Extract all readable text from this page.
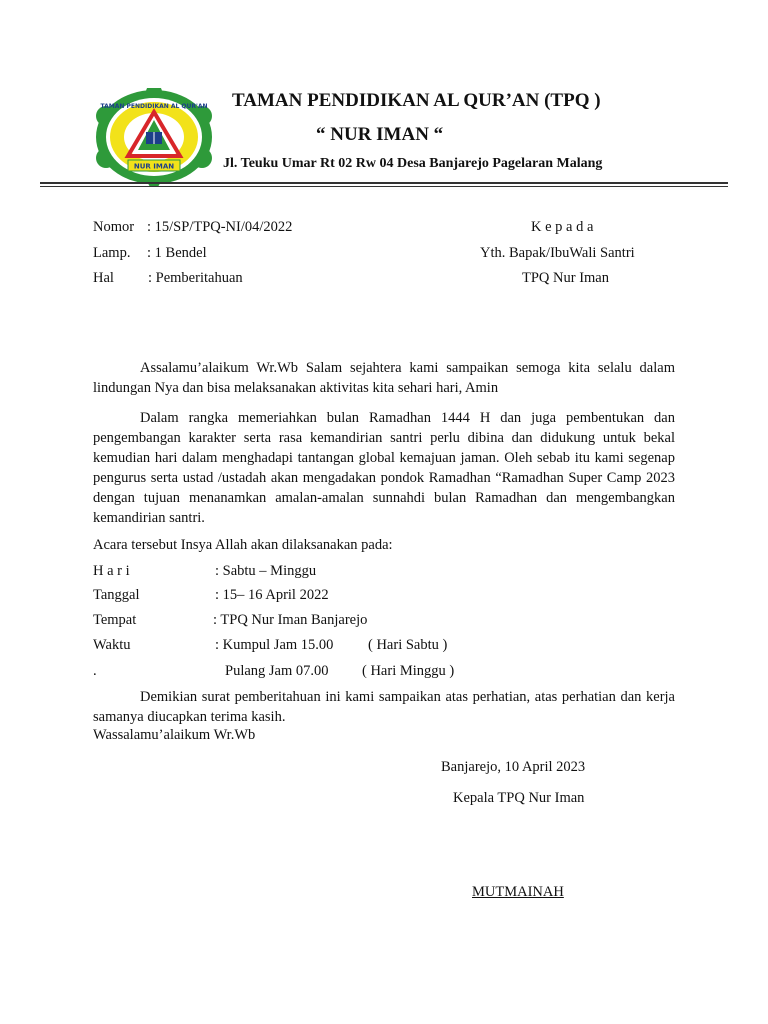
TAMAN PENDIDIKAN AL QUR'AN
NUR IMAN
TAMAN PENDIDIKAN AL QUR’AN (TPQ )
“ NUR IMAN “
Jl. Teuku Umar Rt 02 Rw 04 Desa Banjarejo Pagelaran Malang
Nomor : 15/SP/TPQ-NI/04/2022
Lamp. : 1 Bendel
Hal : Pemberitahuan
K e p a d a
Yth. Bapak/IbuWali Santri
TPQ Nur Iman
Assalamu’alaikum Wr.Wb Salam sejahtera kami sampaikan semoga kita selalu dalam lindungan Nya dan bisa melaksanakan aktivitas kita sehari hari, Amin
Dalam rangka memeriahkan bulan Ramadhan 1444 H dan juga pembentukan dan pengembangan karakter serta rasa kemandirian santri perlu dibina dan didukung untuk bekal kemudian hari dalam menghadapi tantangan global kemajuan jaman. Oleh sebab itu kami segenap pengurus serta ustad /ustadah akan mengadakan pondok Ramadhan “Ramadhan Super Camp 2023 dengan tujuan menanamkan amalan-amalan sunnahdi bulan Ramadhan dan mengembangkan kemandirian santri.
Acara tersebut Insya Allah akan dilaksanakan pada:
H a r i	: Sabtu – Minggu
Tanggal	: 15– 16 April 2022
Tempat	: TPQ Nur Iman Banjarejo
Waktu	: Kumpul Jam 15.00 ( Hari Sabtu )
.	Pulang Jam 07.00 ( Hari Minggu )
Demikian surat pemberitahuan ini kami sampaikan atas perhatian, atas perhatian dan kerja samanya diucapkan terima kasih.
Wassalamu’alaikum Wr.Wb
Banjarejo, 10 April 2023
Kepala TPQ Nur Iman
MUTMAINAH
